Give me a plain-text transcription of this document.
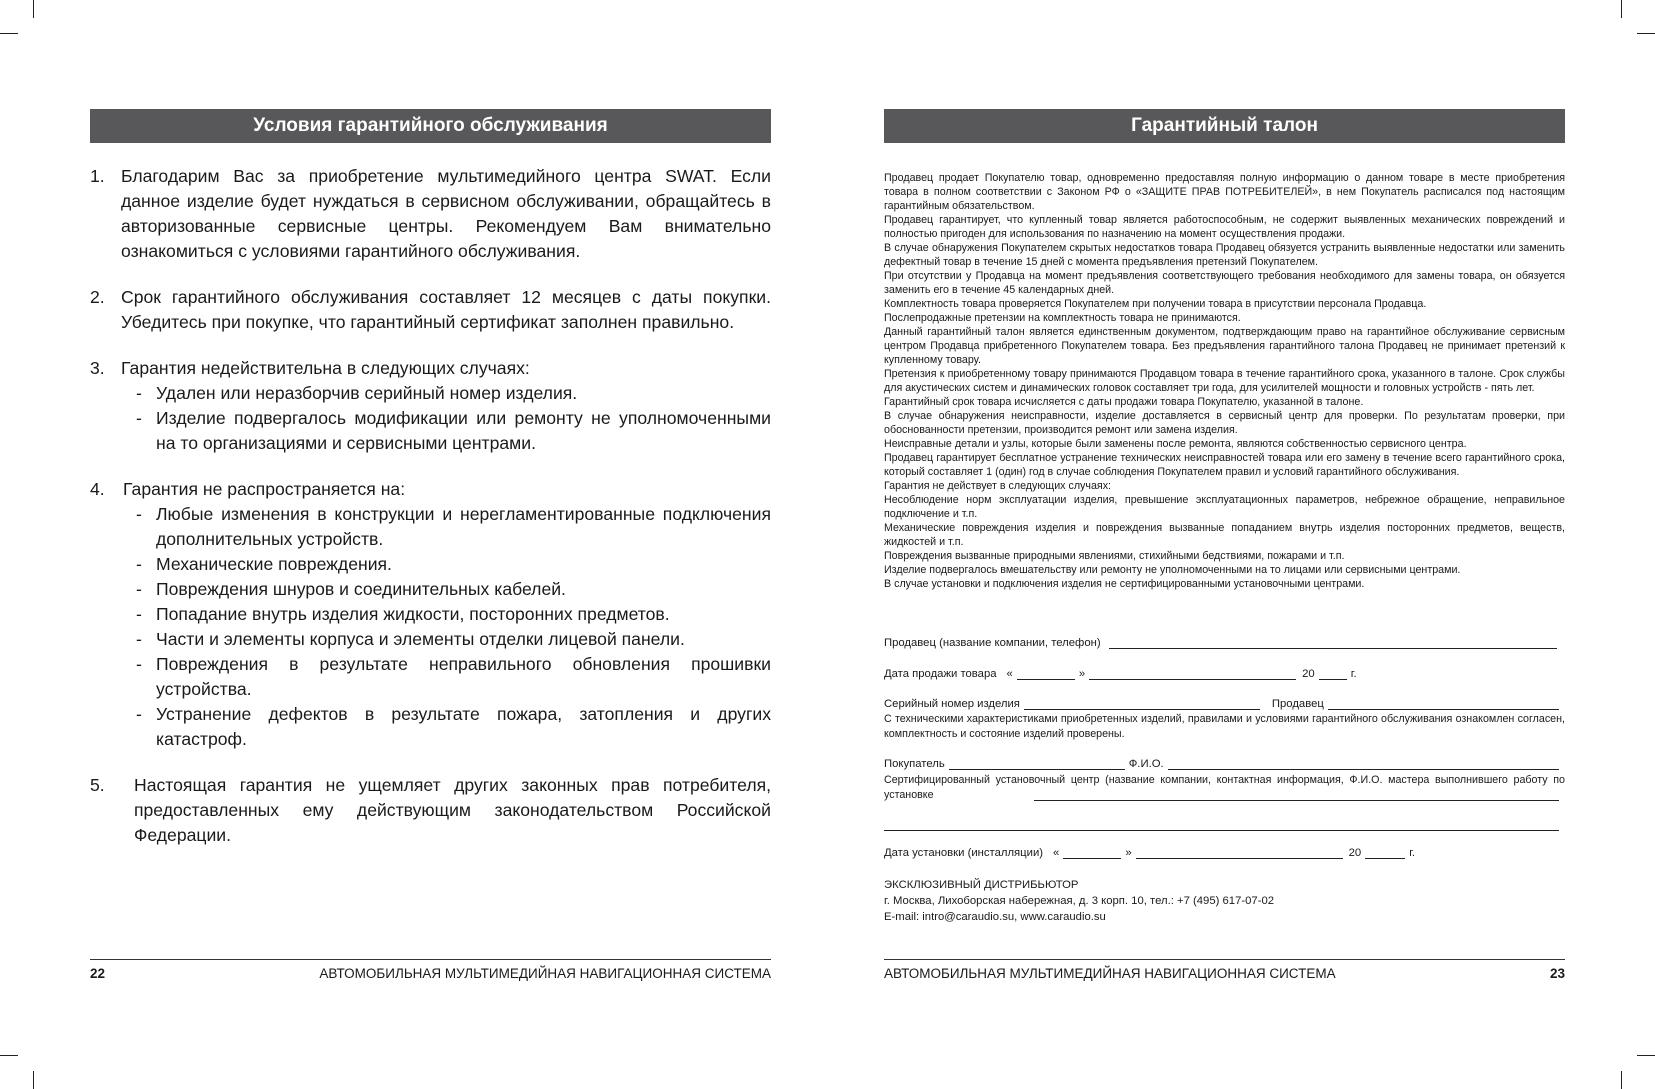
Условия гарантийного обслуживания
1. Благодарим Вас за приобретение мультимедийного центра SWAT. Если данное изделие будет нуждаться в сервисном обслуживании, обращайтесь в авторизованные сервисные центры. Рекомендуем Вам внимательно ознакомиться с условиями гарантийного обслуживания.

2. Срок гарантийного обслуживания составляет 12 месяцев с даты покупки. Убедитесь при покупке, что гарантийный сертификат заполнен правильно.

3. Гарантия недействительна в следующих случаях:

- Удален или неразборчив серийный номер изделия.
- Изделие подвергалось модификации или ремонту не уполномоченными на то организациями и сервисными центрами.
4. Гарантия не распространяется на:

- Любые изменения в конструкции и нерегламентированные подключения дополнительных устройств.
- Механические повреждения.
- Повреждения шнуров и соединительных кабелей.
- Попадание внутрь изделия жидкости, посторонних предметов.
- Части и элементы корпуса и элементы отделки лицевой панели.
- Повреждения в результате неправильного обновления прошивки устройства.
- Устранение дефектов в результате пожара, затопления и других катастроф.
5. Настоящая гарантия не ущемляет других законных прав потребителя, предоставленных ему действующим законодательством Российской Федерации.

22	АВТОМОБИЛЬНАЯ МУЛЬТИМЕДИЙНАЯ НАВИГАЦИОННАЯ СИСТЕМА
Гарантийный талон

Продавец продает Покупателю товар, одновременно предоставляя полную информацию о данном товаре в месте приобретения товара в полном соответствии с Законом РФ о «ЗАЩИТЕ ПРАВ ПОТРЕБИТЕЛЕЙ», в нем Покупатель расписался под настоящим гарантийным обязательством.

Продавец гарантирует, что купленный товар является работоспособным, не содержит выявленных механических повреждений и полностью пригоден для использования по назначению на момент осуществления продажи.

В случае обнаружения Покупателем скрытых недостатков товара Продавец обязуется устранить выявленные недостатки или заменить дефектный товар в течение 15 дней с момента предъявления претензий Покупателем.

При отсутствии у Продавца на момент предъявления соответствующего требования необходимого для замены товара, он обязуется заменить его в течение 45 календарных дней.

Комплектность товара проверяется Покупателем при получении товара в присутствии персонала Продавца.

Послепродажные претензии на комплектность товара не принимаются.

Данный гарантийный талон является единственным документом, подтверждающим право на гарантийное обслуживание сервисным центром Продавца прибретенного Покупателем товара. Без предъявления гарантийного талона Продавец не принимает претензий к купленному товару.

Претензия к приобретенному товару принимаются Продавцом товара в течение гарантийного срока, указанного в талоне. Срок службы для акустических систем и динамических головок составляет три года, для усилителей мощности и головных устройств - пять лет.

Гарантийный срок товара исчисляется с даты продажи товара Покупателю, указанной в талоне.

В случае обнаружения неисправности, изделие доставляется в сервисный центр для проверки. По результатам проверки, при обоснованности претензии, производится ремонт или замена изделия.

Неисправные детали и узлы, которые были заменены после ремонта, являются собственностью сервисного центра.

Продавец гарантирует бесплатное устранение технических неисправностей товара или его замену в течение всего гарантийного срока, который составляет 1 (один) год в случае соблюдения Покупателем правил и условий гарантийного обслуживания.

Гарантия не действует в следующих случаях:

Несоблюдение норм эксплуатации изделия, превышение эксплуатационных параметров, небрежное обращение, неправильное подключение и т.п.

Механические повреждения изделия и повреждения вызванные попаданием внутрь изделия посторонних предметов, веществ, жидкостей и т.п.

Повреждения вызванные природными явлениями, стихийными бедствиями, пожарами и т.п.

Изделие подвергалось вмешательству или ремонту не уполномоченными на то лицами или сервисными центрами.

В случае установки и подключения изделия не сертифицированными установочными центрами.

Продавец (название компании, телефон)
Дата продажи товара «	»	20	г.
Серийный номер изделия	Продавец

С техническими характеристиками приобретенных изделий, правилами и условиями гарантийного обслуживания ознакомлен согласен, комплектность и состояние изделий проверены.

Покупатель	Ф.И.О.

Сертифицированный установочный центр (название компании, контактная информация, Ф.И.О. мастера выполнившего работу по установке

Дата установки (инсталляции) «	»	20	г.
ЭКСКЛЮЗИВНЫЙ ДИСТРИБЬЮТОР
г. Москва, Лихоборская набережная, д. 3 корп. 10, тел.: +7 (495) 617-07-02
E-mail: intro@caraudio.su, www.caraudio.su
АВТОМОБИЛЬНАЯ МУЛЬТИМЕДИЙНАЯ НАВИГАЦИОННАЯ СИСТЕМА	23
